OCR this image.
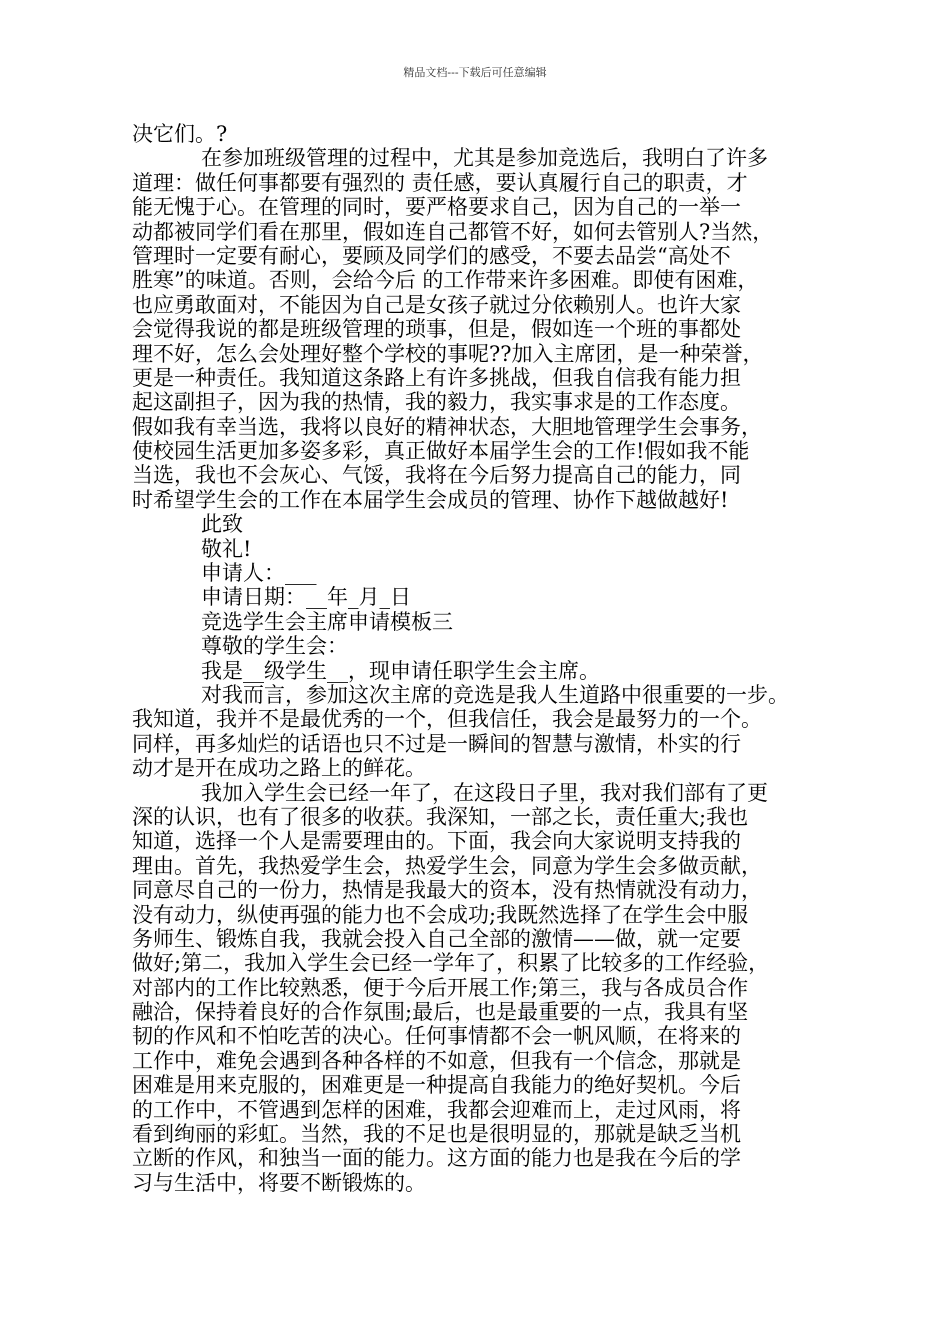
精品文档---下载后可任意编辑
决它们。?
在参加班级管理的过程中，尤其是参加竞选后，我明白了许多
道理：做任何事都要有强烈的 责任感，要认真履行自己的职责，才
能无愧于心。在管理的同时，要严格要求自己，因为自己的一举一
动都被同学们看在那里，假如连自己都管不好，如何去管别人?当然，
管理时一定要有耐心，要顾及同学们的感受，不要去品尝“高处不
胜寒”的味道。否则，会给今后 的工作带来许多困难。即使有困难，
也应勇敢面对，不能因为自己是女孩子就过分依赖别人。也许大家
会觉得我说的都是班级管理的琐事，但是，假如连一个班的事都处
理不好，怎么会处理好整个学校的事呢??加入主席团，是一种荣誉，
更是一种责任。我知道这条路上有许多挑战，但我自信我有能力担
起这副担子，因为我的热情，我的毅力，我实事求是的工作态度。
假如我有幸当选，我将以良好的精神状态，大胆地管理学生会事务，
使校园生活更加多姿多彩，真正做好本届学生会的工作!假如我不能
当选，我也不会灰心、气馁，我将在今后努力提高自己的能力，同
时希望学生会的工作在本届学生会成员的管理、协作下越做越好!
此致
敬礼!
申请人：___
申请日期：__年_月_日
竞选学生会主席申请模板三
尊敬的学生会：
我是__级学生__，现申请任职学生会主席。
对我而言，参加这次主席的竞选是我人生道路中很重要的一步。
我知道，我并不是最优秀的一个，但我信任，我会是最努力的一个。
同样，再多灿烂的话语也只不过是一瞬间的智慧与激情，朴实的行
动才是开在成功之路上的鲜花。
我加入学生会已经一年了，在这段日子里，我对我们部有了更
深的认识，也有了很多的收获。我深知，一部之长，责任重大;我也
知道，选择一个人是需要理由的。下面，我会向大家说明支持我的
理由。首先，我热爱学生会，热爱学生会，同意为学生会多做贡献，
同意尽自己的一份力，热情是我最大的资本，没有热情就没有动力，
没有动力，纵使再强的能力也不会成功;我既然选择了在学生会中服
务师生、锻炼自我，我就会投入自己全部的激情——做，就一定要
做好;第二，我加入学生会已经一学年了，积累了比较多的工作经验，
对部内的工作比较熟悉，便于今后开展工作;第三，我与各成员合作
融洽，保持着良好的合作氛围;最后，也是最重要的一点，我具有坚
韧的作风和不怕吃苦的决心。任何事情都不会一帆风顺，在将来的
工作中，难免会遇到各种各样的不如意，但我有一个信念，那就是
困难是用来克服的，困难更是一种提高自我能力的绝好契机。今后
的工作中，不管遇到怎样的困难，我都会迎难而上，走过风雨，将
看到绚丽的彩虹。当然，我的不足也是很明显的，那就是缺乏当机
立断的作风，和独当一面的能力。这方面的能力也是我在今后的学
习与生活中，将要不断锻炼的。
